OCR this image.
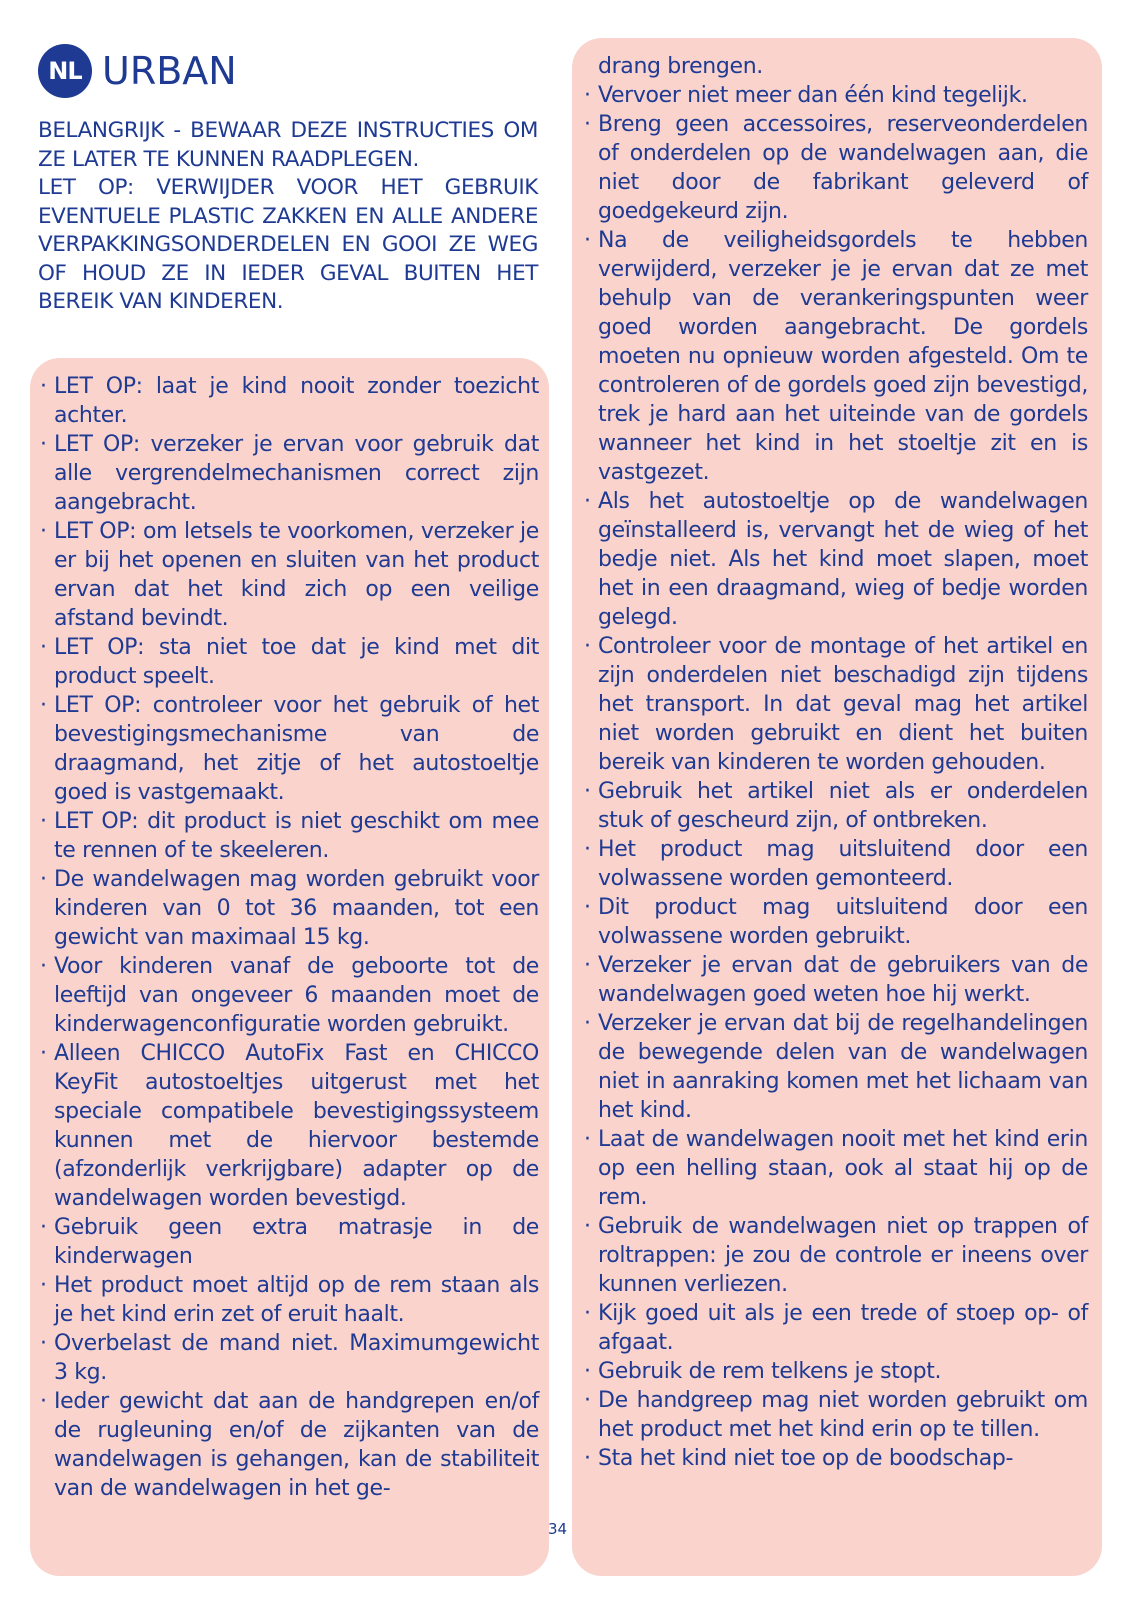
NL URBAN

BELANGRIJK - BEWAAR DEZE INSTRUCTIES OM ZE LATER TE KUNNEN RAADPLEGEN.

LET OP: VERWIJDER VOOR HET GEBRUIK EVENTUELE PLASTIC ZAKKEN EN ALLE ANDERE VERPAKKINGSONDERDELEN EN GOOI ZE WEG OF HOUD ZE IN IEDER GEVAL BUITEN HET BEREIK VAN KINDEREN.

· LET OP: laat je kind nooit zonder toezicht achter.
· LET OP: verzeker je ervan voor gebruik dat alle vergrendelmechanismen correct zijn aangebracht.
· LET OP: om letsels te voorkomen, verzeker je er bij het openen en sluiten van het product ervan dat het kind zich op een veilige afstand bevindt.
· LET OP: sta niet toe dat je kind met dit product speelt.
· LET OP: controleer voor het gebruik of het bevestigingsmechanisme van de draagmand, het zitje of het autostoeltje goed is vastgemaakt.
· LET OP: dit product is niet geschikt om mee te rennen of te skeeleren.
· De wandelwagen mag worden gebruikt voor kinderen van 0 tot 36 maanden, tot een gewicht van maximaal 15 kg.
· Voor kinderen vanaf de geboorte tot de leeftijd van ongeveer 6 maanden moet de kinderwagenconfiguratie worden gebruikt.
· Alleen CHICCO AutoFix Fast en CHICCO KeyFit autostoeltjes uitgerust met het speciale compatibele bevestigingssysteem kunnen met de hiervoor bestemde (afzonderlijk verkrijgbare) adapter op de wandelwagen worden bevestigd.
· Gebruik geen extra matrasje in de kinderwagen
· Het product moet altijd op de rem staan als je het kind erin zet of eruit haalt.
· Overbelast de mand niet. Maximumgewicht 3 kg.
· Ieder gewicht dat aan de handgrepen en/of de rugleuning en/of de zijkanten van de wandelwagen is gehangen, kan de stabiliteit van de wandelwagen in het ge-
34
drang brengen.
· Vervoer niet meer dan één kind tegelijk.
· Breng geen accessoires, reserveonderdelen of onderdelen op de wandelwagen aan, die niet door de fabrikant geleverd of goedgekeurd zijn.
· Na de veiligheidsgordels te hebben verwijderd, verzeker je je ervan dat ze met behulp van de verankeringspunten weer goed worden aangebracht. De gordels moeten nu opnieuw worden afgesteld. Om te controleren of de gordels goed zijn bevestigd, trek je hard aan het uiteinde van de gordels wanneer het kind in het stoeltje zit en is vastgezet.
· Als het autostoeltje op de wandelwagen geïnstalleerd is, vervangt het de wieg of het bedje niet. Als het kind moet slapen, moet het in een draagmand, wieg of bedje worden gelegd.
· Controleer voor de montage of het artikel en zijn onderdelen niet beschadigd zijn tijdens het transport. In dat geval mag het artikel niet worden gebruikt en dient het buiten bereik van kinderen te worden gehouden.
· Gebruik het artikel niet als er onderdelen stuk of gescheurd zijn, of ontbreken.
· Het product mag uitsluitend door een volwassene worden gemonteerd.
· Dit product mag uitsluitend door een volwassene worden gebruikt.
· Verzeker je ervan dat de gebruikers van de wandelwagen goed weten hoe hij werkt.
· Verzeker je ervan dat bij de regelhandelingen de bewegende delen van de wandelwagen niet in aanraking komen met het lichaam van het kind.
· Laat de wandelwagen nooit met het kind erin op een helling staan, ook al staat hij op de rem.
· Gebruik de wandelwagen niet op trappen of roltrappen: je zou de controle er ineens over kunnen verliezen.
· Kijk goed uit als je een trede of stoep op- of afgaat.
· Gebruik de rem telkens je stopt.
· De handgreep mag niet worden gebruikt om het product met het kind erin op te tillen.
· Sta het kind niet toe op de boodschap-
